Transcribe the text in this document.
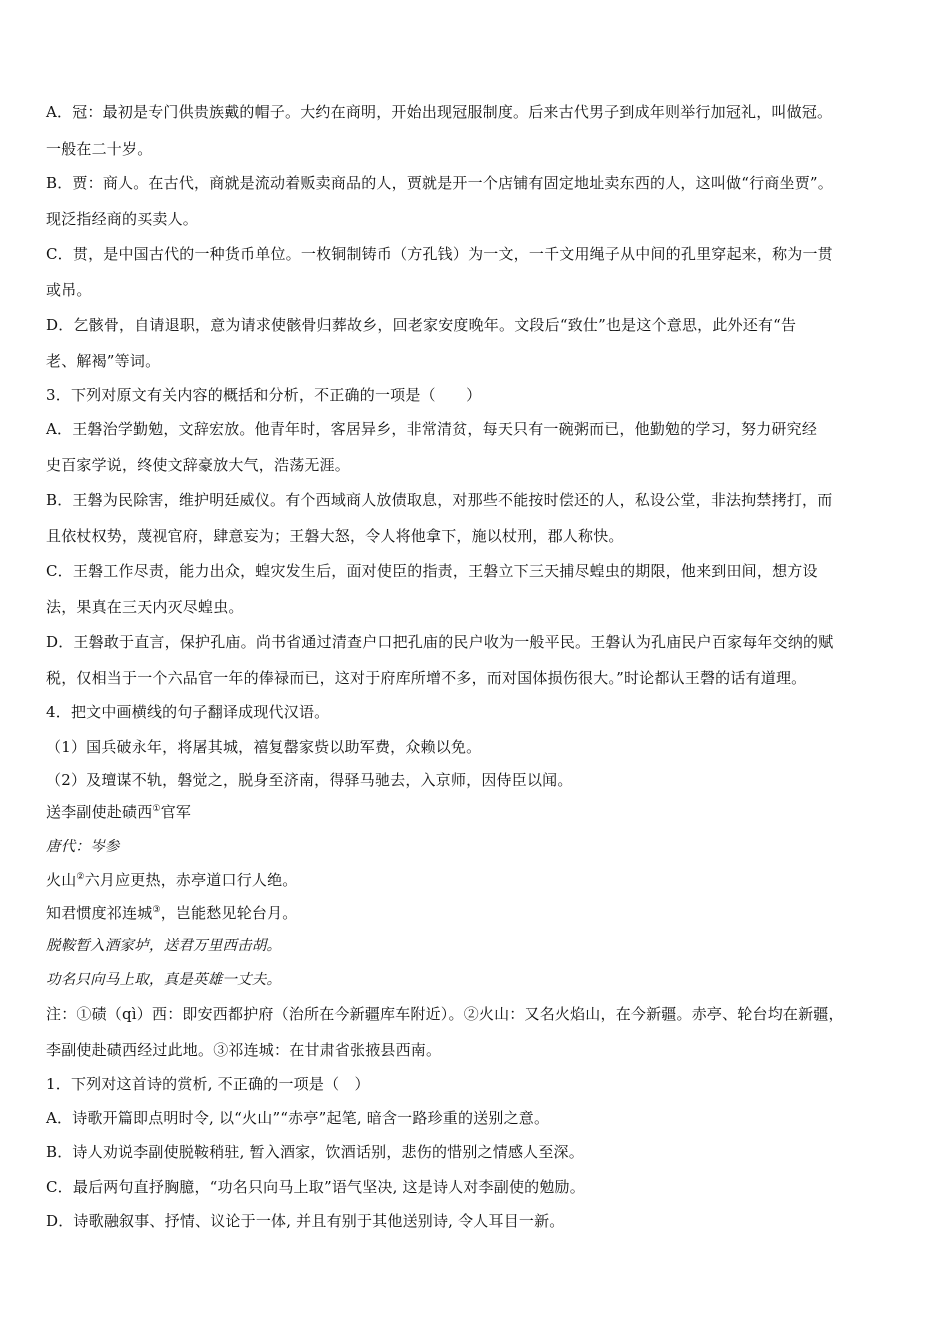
A．冠：最初是专门供贵族戴的帽子。大约在商明，开始出现冠服制度。后来古代男子到成年则举行加冠礼，叫做冠。
一般在二十岁。
B．贾：商人。在古代，商就是流动着贩卖商品的人，贾就是开一个店铺有固定地址卖东西的人，这叫做“行商坐贾”。
现泛指经商的买卖人。
C．贯，是中国古代的一种货币单位。一枚铜制铸币（方孔钱）为一文，一千文用绳子从中间的孔里穿起来，称为一贯
或吊。
D．乞骸骨，自请退职，意为请求使骸骨归葬故乡，回老家安度晚年。文段后“致仕”也是这个意思，此外还有“告
老、解褐”等词。
3．下列对原文有关内容的概括和分析，不正确的一项是（　　）
A．王磐治学勤勉，文辞宏放。他青年时，客居异乡，非常清贫，每天只有一碗粥而已，他勤勉的学习，努力研究经
史百家学说，终使文辞豪放大气，浩荡无涯。
B．王磐为民除害，维护明廷威仪。有个西域商人放债取息，对那些不能按时偿还的人，私设公堂，非法拘禁拷打，而
且依杖权势，蔑视官府，肆意妄为；王磐大怒，令人将他拿下，施以杖刑，郡人称快。
C．王磐工作尽责，能力出众，蝗灾发生后，面对使臣的指责，王磐立下三天捕尽蝗虫的期限，他来到田间，想方设
法，果真在三天内灭尽蝗虫。
D．王磐敢于直言，保护孔庙。尚书省通过清查户口把孔庙的民户收为一般平民。王磐认为孔庙民户百家每年交纳的赋
税，仅相当于一个六品官一年的俸禄而已，这对于府库所增不多，而对国体损伤很大。”时论都认王磬的话有道理。
4．把文中画横线的句子翻译成现代汉语。
（1）国兵破永年，将屠其城，禧复罄家赀以助军费，众赖以免。
（2）及璮谋不轨，磐觉之，脱身至济南，得驿马驰去，入京师，因侍臣以闻。
送李副使赴碛西①官军
唐代：岑参
火山②六月应更热，赤亭道口行人绝。
知君惯度祁连城③，岂能愁见轮台月。
脱鞍暂入酒家垆，送君万里西击胡。
功名只向马上取，真是英雄一丈夫。
注：①碛（qì）西：即安西都护府（治所在今新疆库车附近）。②火山：又名火焰山，在今新疆。赤亭、轮台均在新疆，
李副使赴碛西经过此地。③祁连城：在甘肃省张掖县西南。
1．下列对这首诗的赏析, 不正确的一项是（　）
A．诗歌开篇即点明时令, 以“火山”“赤亭”起笔, 暗含一路珍重的送别之意。
B．诗人劝说李副使脱鞍稍驻, 暂入酒家，饮酒话别，悲伤的惜别之情感人至深。
C．最后两句直抒胸臆，“功名只向马上取”语气坚决, 这是诗人对李副使的勉励。
D．诗歌融叙事、抒情、议论于一体, 并且有别于其他送别诗, 令人耳目一新。
